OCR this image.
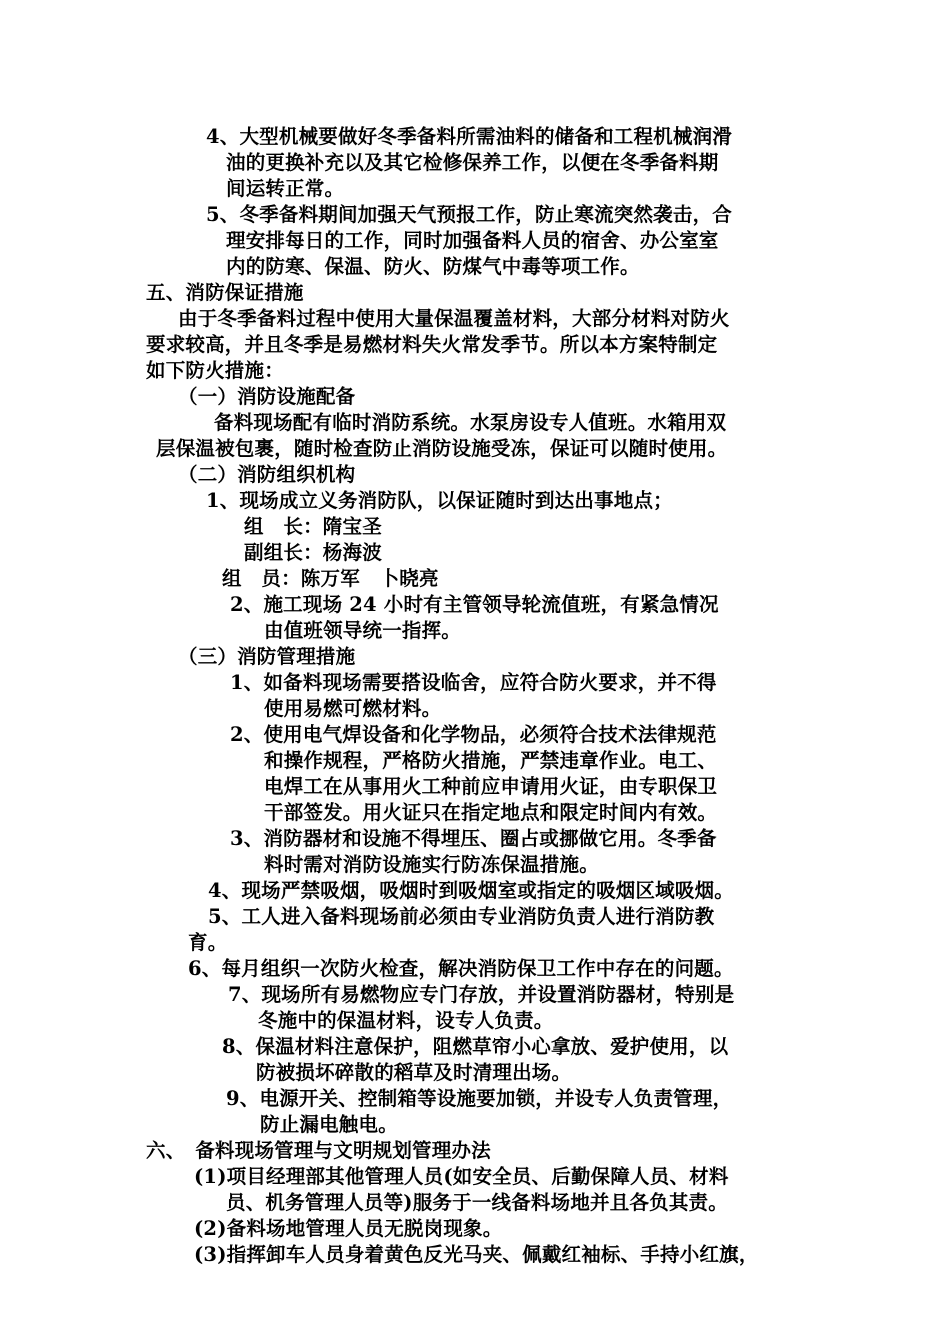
4、大型机械要做好冬季备料所需油料的储备和工程机械润滑
油的更换补充以及其它检修保养工作，以便在冬季备料期
间运转正常。
5、冬季备料期间加强天气预报工作，防止寒流突然袭击，合
理安排每日的工作，同时加强备料人员的宿舍、办公室室
内的防寒、保温、防火、防煤气中毒等项工作。
五、消防保证措施
由于冬季备料过程中使用大量保温覆盖材料，大部分材料对防火
要求较高，并且冬季是易燃材料失火常发季节。所以本方案特制定
如下防火措施：
（一）消防设施配备
备料现场配有临时消防系统。水泵房设专人值班。水箱用双
层保温被包裹，随时检查防止消防设施受冻，保证可以随时使用。
（二）消防组织机构
1、现场成立义务消防队，以保证随时到达出事地点；
组　长：隋宝圣
副组长：杨海波
组　员：陈万军　卜晓亮
2、施工现场 24 小时有主管领导轮流值班，有紧急情况
由值班领导统一指挥。
（三）消防管理措施
1、如备料现场需要搭设临舍，应符合防火要求，并不得
使用易燃可燃材料。
2、使用电气焊设备和化学物品，必须符合技术法律规范
和操作规程，严格防火措施，严禁违章作业。电工、
电焊工在从事用火工种前应申请用火证，由专职保卫
干部签发。用火证只在指定地点和限定时间内有效。
3、消防器材和设施不得埋压、圈占或挪做它用。冬季备
料时需对消防设施实行防冻保温措施。
4、现场严禁吸烟，吸烟时到吸烟室或指定的吸烟区域吸烟。
5、工人进入备料现场前必须由专业消防负责人进行消防教
育。
6、每月组织一次防火检查，解决消防保卫工作中存在的问题。
7、现场所有易燃物应专门存放，并设置消防器材，特别是
冬施中的保温材料，设专人负责。
8、保温材料注意保护，阻燃草帘小心拿放、爱护使用，以
防被损坏碎散的稻草及时清理出场。
9、电源开关、控制箱等设施要加锁，并设专人负责管理，
防止漏电触电。
六、　备料现场管理与文明规划管理办法
(1)项目经理部其他管理人员(如安全员、后勤保障人员、材料
员、机务管理人员等)服务于一线备料场地并且各负其责。
(2)备料场地管理人员无脱岗现象。
(3)指挥卸车人员身着黄色反光马夹、佩戴红袖标、手持小红旗，
